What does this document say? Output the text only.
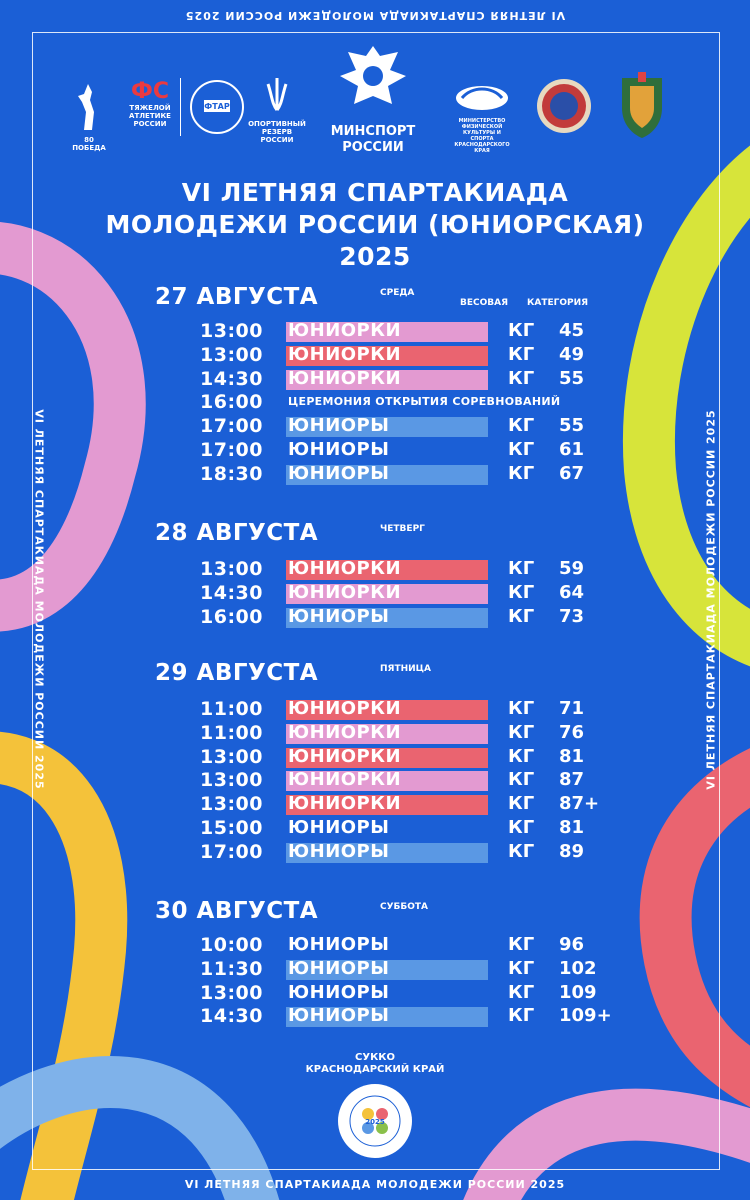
VI ЛЕТНЯЯ СПАРТАКИАДА МОЛОДЕЖИ РОССИИ 2025
VI ЛЕТНЯЯ СПАРТАКИАДА МОЛОДЕЖИ РОССИИ 2025
VI ЛЕТНЯЯ СПАРТАКИАДА МОЛОДЕЖИ РОССИИ 2025	VI ЛЕТНЯЯ СПАРТАКИАДА МОЛОДЕЖИ РОССИИ 2025
80 ПОБЕДА
ФС
ТЯЖЕЛОЙ АТЛЕТИКЕ РОССИИ
ФТАР
ОПОРТИВНЫЙ РЕЗЕРВ РОССИИ
МИНСПОРТ
РОССИИ
МИНИСТЕРСТВО ФИЗИЧЕСКОЙ КУЛЬТУРЫ И СПОРТА КРАСНОДАРСКОГО КРАЯ
VI ЛЕТНЯЯ СПАРТАКИАДА
МОЛОДЕЖИ РОССИИ (ЮНИОРСКАЯ)
2025
ВЕСОВАЯ КАТЕГОРИЯ
27 АВГУСТА	СРЕДА
13:00 ЮНИОРКИ	КГ 45
13:00 ЮНИОРКИ	КГ 49
14:30 ЮНИОРКИ	КГ 55
16:00 ЦЕРЕМОНИЯ ОТКРЫТИЯ СОРЕВНОВАНИЙ
17:00 ЮНИОРЫ	КГ 55
17:00 ЮНИОРЫ	КГ 61
18:30 ЮНИОРЫ	КГ 67
28 АВГУСТА	ЧЕТВЕРГ
13:00 ЮНИОРКИ	КГ 59
14:30 ЮНИОРКИ	КГ 64
16:00 ЮНИОРЫ	КГ 73
29 АВГУСТА	ПЯТНИЦА
11:00 ЮНИОРКИ	КГ 71
11:00 ЮНИОРКИ	КГ 76
13:00 ЮНИОРКИ	КГ 81
13:00 ЮНИОРКИ	КГ 87
13:00 ЮНИОРКИ	КГ 87+
15:00 ЮНИОРЫ	КГ 81
17:00 ЮНИОРЫ	КГ 89
30 АВГУСТА	СУББОТА
10:00 ЮНИОРЫ	КГ 96
11:30 ЮНИОРЫ	КГ 102
13:00 ЮНИОРЫ	КГ 109
14:30 ЮНИОРЫ	КГ 109+
СУККО
КРАСНОДАРСКИЙ КРАЙ
2025
